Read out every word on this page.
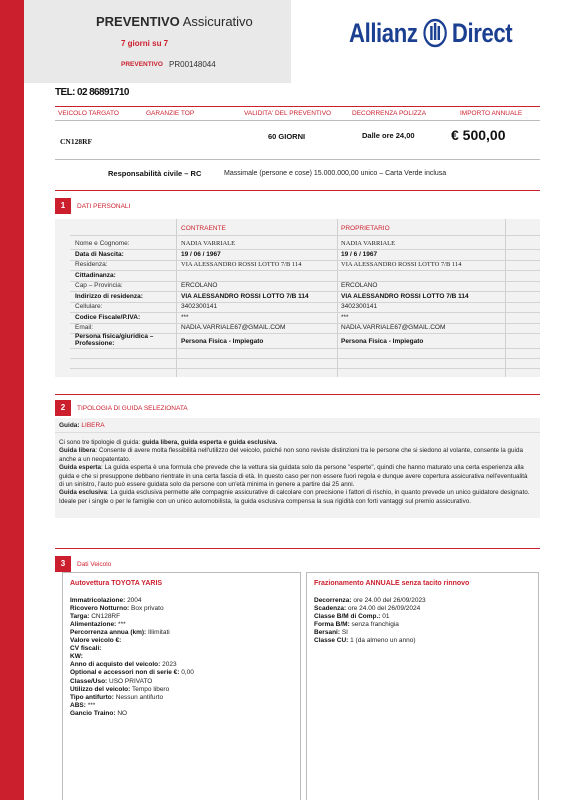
PREVENTIVO Assicurativo
7 giorni su 7
PREVENTIVO PR00148044
Allianz Direct
TEL: 02 86891710
VEICOLO TARGATO	GARANZIE TOP	VALIDITA' DEL PREVENTIVO	DECORRENZA POLIZZA	IMPORTO ANNUALE
CN128RF
60 GIORNI	Dalle ore 24,00	€ 500,00
Responsabilità civile – RC	Massimale (persone e cose) 15.000.000,00 unico – Carta Verde inclusa
1	DATI PERSONALI
CONTRAENTE	PROPRIETARIO
Nome e Cognome:	NADIA VARRIALE	NADIA VARRIALE
Data di Nascita:	19 / 06 / 1967	19 / 6 / 1967
Residenza:	VIA ALESSANDRO ROSSI LOTTO 7/B 114	VIA ALESSANDRO ROSSI LOTTO 7/B 114
Cittadinanza:
Cap – Provincia:	ERCOLANO	ERCOLANO
Indirizzo di residenza:	VIA ALESSANDRO ROSSI LOTTO 7/B 114	VIA ALESSANDRO ROSSI LOTTO 7/B 114
Cellulare:	3402300141	3402300141
Codice Fiscale/P.IVA:	***	***
Email:	NADIA.VARRIALE67@GMAIL.COM	NADIA.VARRIALE67@GMAIL.COM
Persona fisica/giuridica –
Professione:	Persona Fisica - Impiegato	Persona Fisica - Impiegato
2	TIPOLOGIA DI GUIDA SELEZIONATA
Guida: LIBERA

Ci sono tre tipologie di guida: guida libera, guida esperta e guida esclusiva.

Guida libera: Consente di avere molta flessibilità nell'utilizzo del veicolo, poiché non sono reviste distinzioni tra le persone che si siedono al volante, consente la guida anche a un neopatentato.

Guida esperta: La guida esperta è una formula che prevede che la vettura sia guidata solo da persone "esperte", quindi che hanno maturato una certa esperienza alla guida e che si presuppone debbano rientrate in una certa fascia di età. In questo caso per non essere fuori regola e dunque avere copertura assicurativa nell'eventualità di un sinistro, l'auto può essere guidata solo da persone con un'età minima in genere a partire dai 25 anni.

Guida esclusiva: La guida esclusiva permette alle compagnie assicurative di calcolare con precisione i fattori di rischio, in quanto prevede un unico guidatore designato. Ideale per i single o per le famiglie con un unico automobilista, la guida esclusiva compensa la sua rigidità con forti vantaggi sul premio assicurativo.

3	Dati Veicolo
Autovettura TOYOTA YARIS
Immatricolazione: 2004
Ricovero Notturno: Box privato
Targa: CN128RF
Alimentazione: ***
Percorrenza annua (km): Illimitati
Valore veicolo €:
CV fiscali:
KW:
Anno di acquisto del veicolo: 2023
Optional e accessori non di serie €: 0,00
Classe/Uso: USO PRIVATO
Utilizzo del veicolo: Tempo libero
Tipo antifurto: Nessun antifurto
ABS: ***
Gancio Traino: NO
Frazionamento ANNUALE senza tacito rinnovo
Decorrenza: ore 24.00 del 26/09/2023
Scadenza: ore 24.00 del 26/09/2024
Classe B/M di Comp.: 01
Forma B/M: senza franchigia
Bersani: SI
Classe CU: 1 (da almeno un anno)
